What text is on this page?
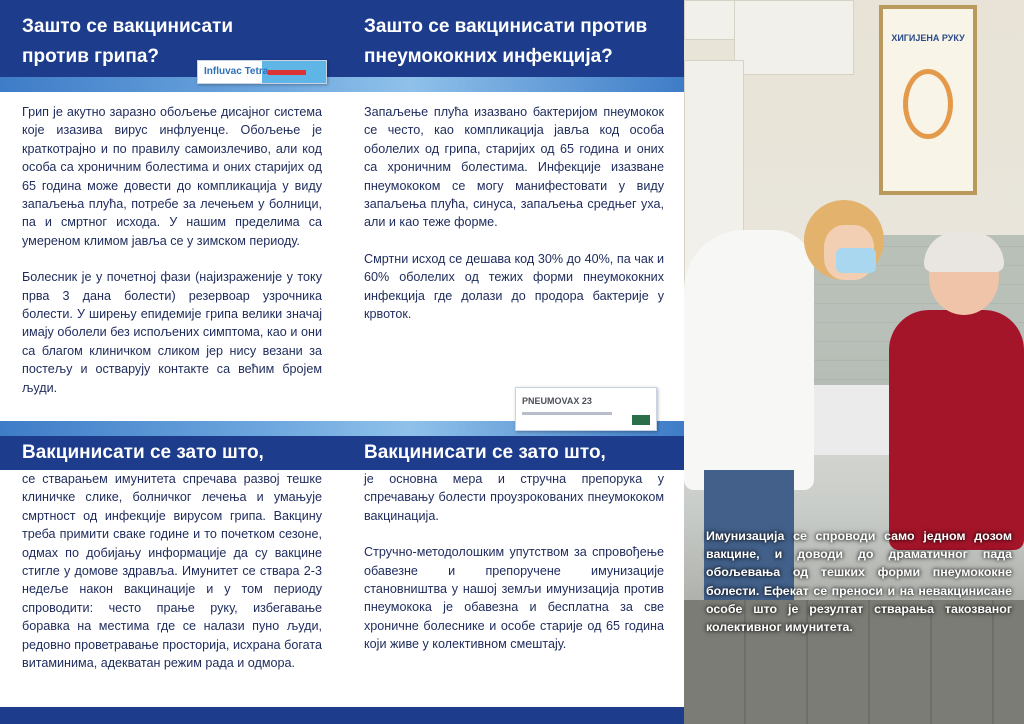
Зашто се вакцинисати
против грипа?
Зашто се вакцинисати против
пнеумококних инфекција?
Вакцинисати се зато што,	Вакцинисати се зато што,
Influvac Tetra
PNEUMOVAX 23

Грип је акутно заразно обољење дисајног система које изазива вирус инфлуенце. Обољење је краткотрајно и по правилу самоизлечиво, али код особа са хроничним болестима и оних старијих од 65 година може довести до компликација у виду запаљења плућа, потребе за лечењем у болници, па и смртног исхода. У нашим пределима са умереном климом јавља се у зимском периоду.

Болесник је у почетној фази (најизраженије у току прва 3 дана болести) резервоар узрочника болести. У ширењу епидемије грипа велики значај имају оболели без испољених симптома, као и они са благом клиничком сликом јер нису везани за постељу и остварују контакте са већим бројем људи.

Запаљење плућа изазвано бактеријом пнеумокок се често, као компликација јавља код особа оболелих од грипа, старијих од 65 година и оних са хроничним болестима. Инфекције изазване пнеумококом се могу манифестовати у виду запаљења плућа, синуса, запаљења средњег уха, али и као теже форме.

Смртни исход се дешава код 30% до 40%, па чак и 60% оболелих од тежих форми пнеумококних инфекција где долази до продора бактерије у крвоток.

се стварањем имунитета спречава развој тешке клиничке слике, болничког лечења и умањује смртност од инфекције вирусом грипа. Вакцину треба примити сваке године и то почетком сезоне, одмах по добијању информације да су вакцине стигле у домове здравља. Имунитет се ствара 2-3 недеље након вакцинације и у том периоду спроводити: често прање руку, избегавање боравка на местима где се налази пуно људи, редовно проветравање просторија, исхрана богата витаминима, адекватан режим рада и одмора.

је основна мера и стручна препорука у спречавању болести проузрокованих пнеумококом вакцинација.

Стручно-методолошким упутством за спровођење обавезне и препоручене имунизације становништва у нашој земљи имунизација против пнеумокока је обавезна и бесплатна за све хроничне болеснике и особе старије од 65 година који живе у колективном смештају.

ХИГИЈЕНА РУКУ
Имунизација се спроводи само једном дозом вакцине, и доводи до драматичног пада обољевања од тешких форми пнеумококне болести. Ефекат се преноси и на невакцинисане особе што је резултат стварања такозваног колективног имунитета.
